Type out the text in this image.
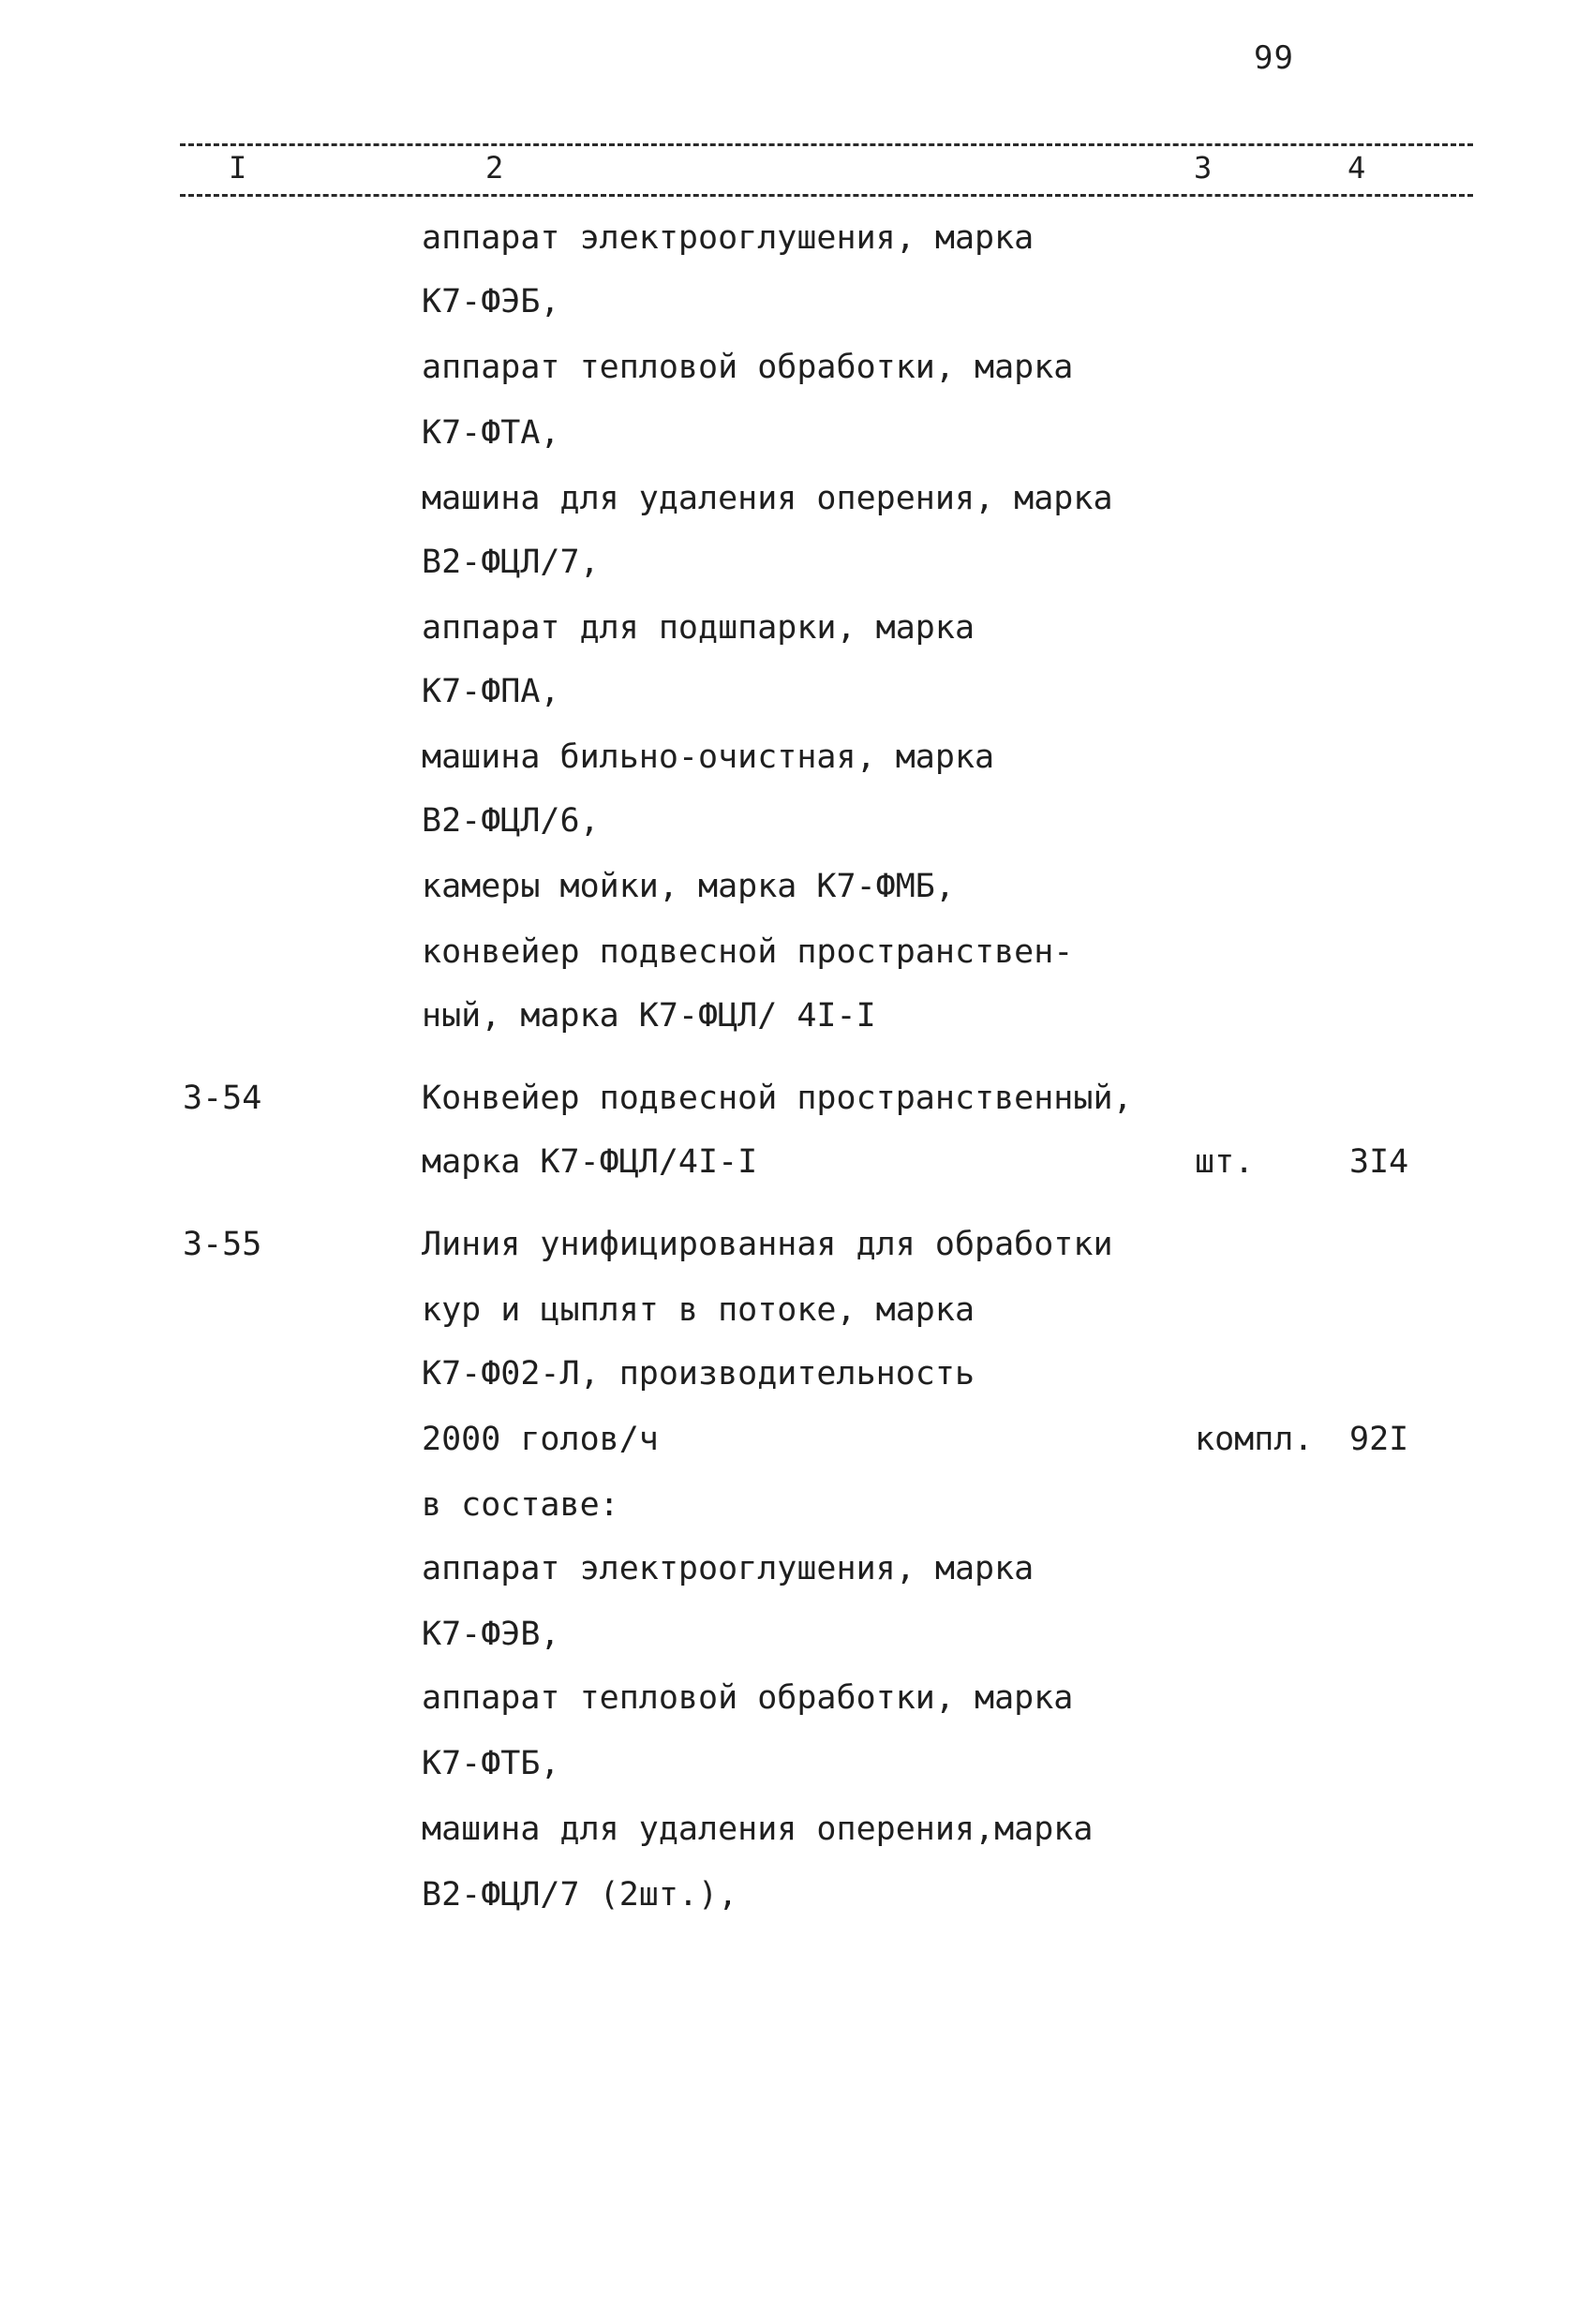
99
I	2	3	4
аппарат электрооглушения, марка
К7-ФЭБ,
аппарат тепловой обработки, марка
К7-ФТА,
машина для удаления оперения, марка
В2-ФЦЛ/7,
аппарат для подшпарки, марка
К7-ФПА,
машина бильно-очистная, марка
В2-ФЦЛ/6,
камеры мойки, марка К7-ФМБ,
конвейер подвесной пространствен-
ный, марка К7-ФЦЛ/ 4I-I
3-54	Конвейер подвесной пространственный,
марка К7-ФЦЛ/4I-I	шт.	3I4
3-55	Линия унифицированная для обработки
кур и цыплят в потоке, марка
К7-Ф02-Л, производительность
2000 голов/ч	компл. 92I
в составе:
аппарат электрооглушения, марка
К7-ФЭВ,
аппарат тепловой обработки, марка
К7-ФТБ,
машина для удаления оперения,марка
В2-ФЦЛ/7 (2шт.),
